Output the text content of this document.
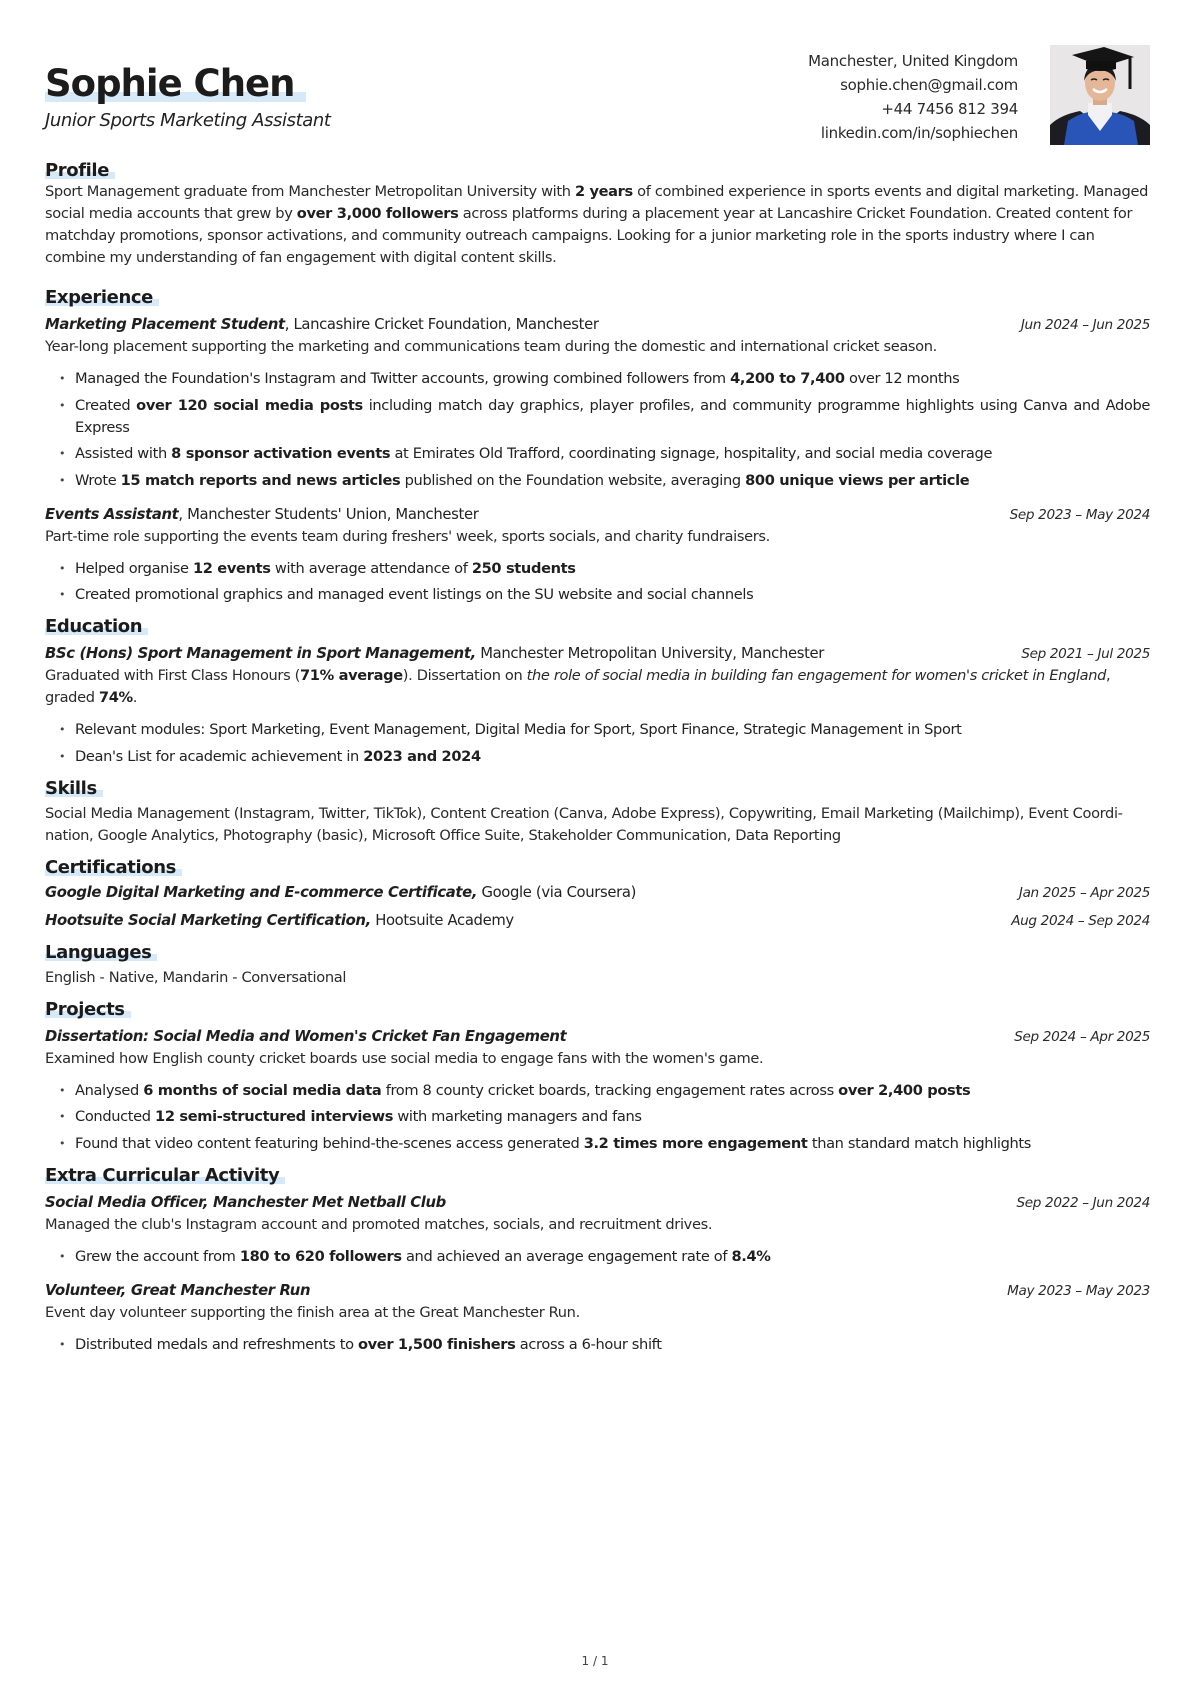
Sophie Chen
Junior Sports Marketing Assistant
Manchester, United Kingdom
sophie.chen@gmail.com
+44 7456 812 394
linkedin.com/in/sophiechen
Profile

Sport Management graduate from Manchester Metropolitan University with 2 years of combined experience in sports events and digital marketing. Managed social media accounts that grew by over 3,000 followers across platforms during a placement year at Lancashire Cricket Foundation. Created content for matchday promotions, sponsor activations, and community outreach campaigns. Looking for a junior marketing role in the sports industry where I can combine my understanding of fan engagement with digital content skills.

Experience
Marketing Placement Student, Lancashire Cricket Foundation, Manchester	Jun 2024 – Jun 2025

Year-long placement supporting the marketing and communications team during the domestic and international cricket season.

• Managed the Foundation's Instagram and Twitter accounts, growing combined followers from 4,200 to 7,400 over 12 months
• Created over 120 social media posts including match day graphics, player profiles, and community programme highlights using Canva and Adobe Express
• Assisted with 8 sponsor activation events at Emirates Old Trafford, coordinating signage, hospitality, and social media coverage
• Wrote 15 match reports and news articles published on the Foundation website, averaging 800 unique views per article
Events Assistant, Manchester Students' Union, Manchester	Sep 2023 – May 2024

Part-time role supporting the events team during freshers' week, sports socials, and charity fundraisers.

• Helped organise 12 events with average attendance of 250 students
• Created promotional graphics and managed event listings on the SU website and social channels
Education
BSc (Hons) Sport Management in Sport Management, Manchester Metropolitan University, Manchester	Sep 2021 – Jul 2025

Graduated with First Class Honours (71% average). Dissertation on the role of social media in building fan engagement for women's cricket in England, graded 74%.

• Relevant modules: Sport Marketing, Event Management, Digital Media for Sport, Sport Finance, Strategic Management in Sport
• Dean's List for academic achievement in 2023 and 2024
Skills

Social Media Management (Instagram, Twitter, TikTok), Content Creation (Canva, Adobe Express), Copywriting, Email Marketing (Mailchimp), Event Coordi-nation, Google Analytics, Photography (basic), Microsoft Office Suite, Stakeholder Communication, Data Reporting

Certifications
Google Digital Marketing and E-commerce Certificate, Google (via Coursera)	Jan 2025 – Apr 2025
Hootsuite Social Marketing Certification, Hootsuite Academy	Aug 2024 – Sep 2024
Languages

English - Native, Mandarin - Conversational

Projects
Dissertation: Social Media and Women's Cricket Fan Engagement	Sep 2024 – Apr 2025

Examined how English county cricket boards use social media to engage fans with the women's game.

• Analysed 6 months of social media data from 8 county cricket boards, tracking engagement rates across over 2,400 posts
• Conducted 12 semi-structured interviews with marketing managers and fans
• Found that video content featuring behind-the-scenes access generated 3.2 times more engagement than standard match highlights
Extra Curricular Activity
Social Media Officer, Manchester Met Netball Club	Sep 2022 – Jun 2024

Managed the club's Instagram account and promoted matches, socials, and recruitment drives.

• Grew the account from 180 to 620 followers and achieved an average engagement rate of 8.4%
Volunteer, Great Manchester Run	May 2023 – May 2023

Event day volunteer supporting the finish area at the Great Manchester Run.

• Distributed medals and refreshments to over 1,500 finishers across a 6-hour shift
1 / 1
